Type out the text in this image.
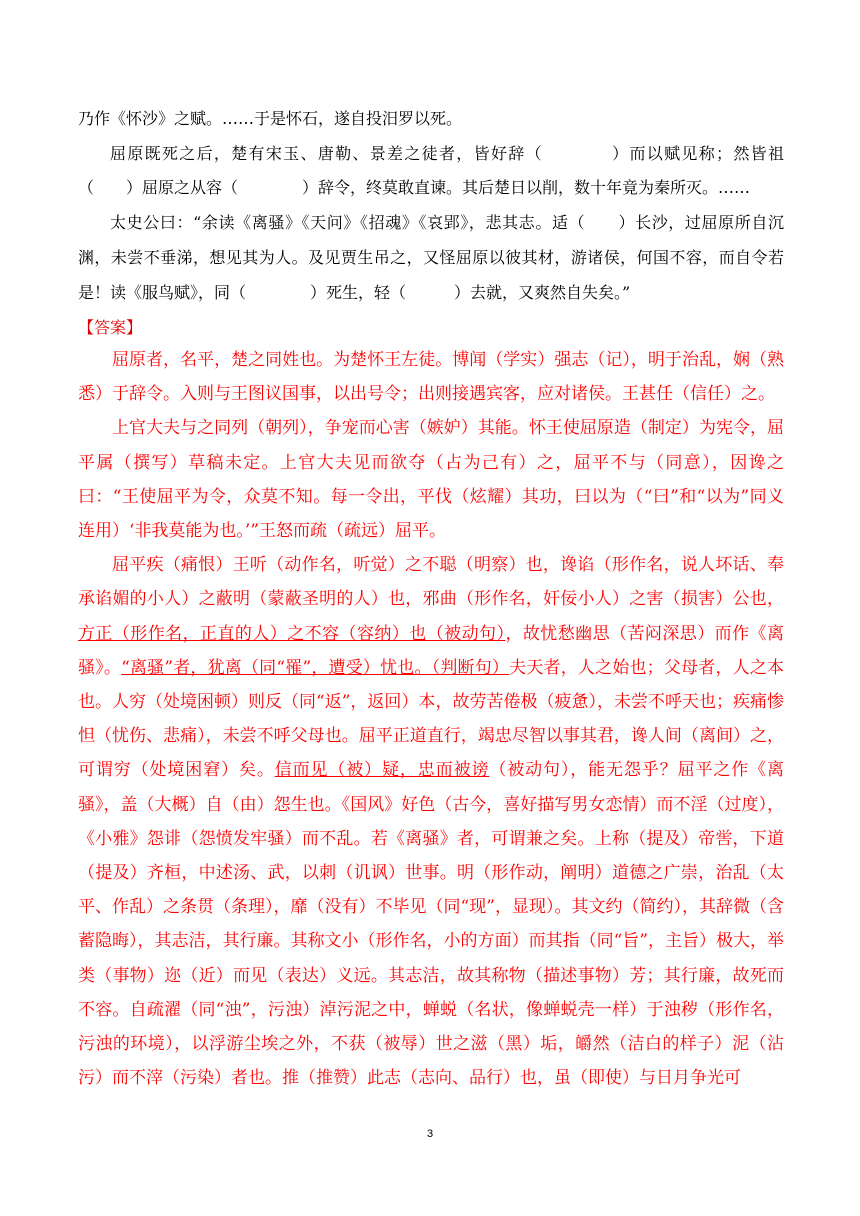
乃作《怀沙》之赋。……于是怀石，遂自投汨罗以死。

屈原既死之后，楚有宋玉、唐勒、景差之徒者，皆好辞（　　　　）而以赋见称；然皆祖（　　）屈原之从容（　　　　）辞令，终莫敢直谏。其后楚日以削，数十年竟为秦所灭。……

太史公曰：“余读《离骚》《天问》《招魂》《哀郢》，悲其志。适（　　）长沙，过屈原所自沉渊，未尝不垂涕，想见其为人。及见贾生吊之，又怪屈原以彼其材，游诸侯，何国不容，而自令若是！读《服鸟赋》，同（　　　　）死生，轻（　　　）去就，又爽然自失矣。”

【答案】

屈原者，名平，楚之同姓也。为楚怀王左徒。博闻（学实）强志（记），明于治乱，娴（熟悉）于辞令。入则与王图议国事，以出号令；出则接遇宾客，应对诸侯。王甚任（信任）之。

上官大夫与之同列（朝列），争宠而心害（嫉妒）其能。怀王使屈原造（制定）为宪令，屈平属（撰写）草稿未定。上官大夫见而欲夺（占为己有）之，屈平不与（同意），因谗之曰：“王使屈平为令，众莫不知。每一令出，平伐（炫耀）其功，曰以为（“曰”和“以为”同义连用）‘非我莫能为也。’”王怒而疏（疏远）屈平。

屈平疾（痛恨）王听（动作名，听觉）之不聪（明察）也，谗谄（形作名，说人坏话、奉承谄媚的小人）之蔽明（蒙蔽圣明的人）也，邪曲（形作名，奸佞小人）之害（损害）公也，方正（形作名，正直的人）之不容（容纳）也（被动句），故忧愁幽思（苦闷深思）而作《离骚》。“离骚”者，犹离（同“罹”，遭受）忧也。（判断句）夫天者，人之始也；父母者，人之本也。人穷（处境困顿）则反（同“返”，返回）本，故劳苦倦极（疲惫），未尝不呼天也；疾痛惨怛（忧伤、悲痛），未尝不呼父母也。屈平正道直行，竭忠尽智以事其君，谗人间（离间）之，可谓穷（处境困窘）矣。信而见（被）疑，忠而被谤（被动句），能无怨乎？屈平之作《离骚》，盖（大概）自（由）怨生也。《国风》好色（古今，喜好描写男女恋情）而不淫（过度），《小雅》怨诽（怨愤发牢骚）而不乱。若《离骚》者，可谓兼之矣。上称（提及）帝喾，下道（提及）齐桓，中述汤、武，以刺（讥讽）世事。明（形作动，阐明）道德之广崇，治乱（太平、作乱）之条贯（条理），靡（没有）不毕见（同“现”，显现）。其文约（简约），其辞微（含蓄隐晦），其志洁，其行廉。其称文小（形作名，小的方面）而其指（同“旨”，主旨）极大，举类（事物）迩（近）而见（表达）义远。其志洁，故其称物（描述事物）芳；其行廉，故死而不容。自疏濯（同“浊”，污浊）淖污泥之中，蝉蜕（名状，像蝉蜕壳一样）于浊秽（形作名，污浊的环境），以浮游尘埃之外，不获（被辱）世之滋（黑）垢，皭然（洁白的样子）泥（沾污）而不滓（污染）者也。推（推赞）此志（志向、品行）也，虽（即使）与日月争光可

3
